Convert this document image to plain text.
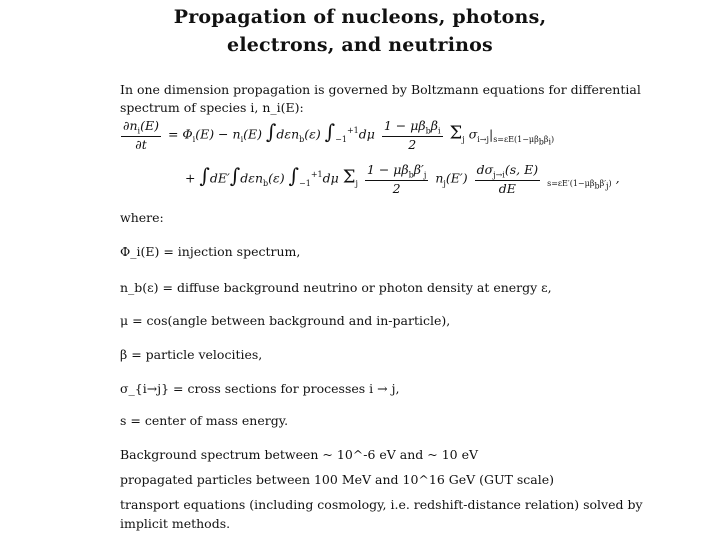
Propagation of nucleons, photons,
electrons, and neutrinos
In one dimension propagation is governed by Boltzmann equations for differential
spectrum of species i, n_i(E):
$\frac{\partial n_i(E)}{\partial t} = \Phi_i(E) - n_i(E)$ ∫dεn$_b$(ε) $\int_{-1}^{+1}d\mu \frac{1 - \mu\beta_b\beta_i}{2} \Sigma_j$ $\sigma_{i\to j}|_{s=\varepsilon E(1-\mu\beta b\beta i)}$
+ ∫dE′∫dεn$_b$(ε) $\int_{-1}^{+1}d\mu$ $\Sigma_j \frac{1 - \mu\beta_b\beta'_j}{2} n_j(E') \frac{d\sigma_{j\to i}(s, E)}{dE} _{s=\varepsilon E'(1-\mu\beta b\beta'j)}$ ,
where:
Φ_i(E) = injection spectrum,
n_b(ε) = diffuse background neutrino or photon density at energy ε,
μ = cos(angle between background and in-particle),
β = particle velocities,
σ_{i→j} = cross sections for processes i → j,
s = center of mass energy.
Background spectrum between ~ 10^-6 eV and ~ 10 eV
propagated particles between 100 MeV and 10^16 GeV (GUT scale)
transport equations (including cosmology, i.e. redshift-distance relation) solved by
implicit methods.
